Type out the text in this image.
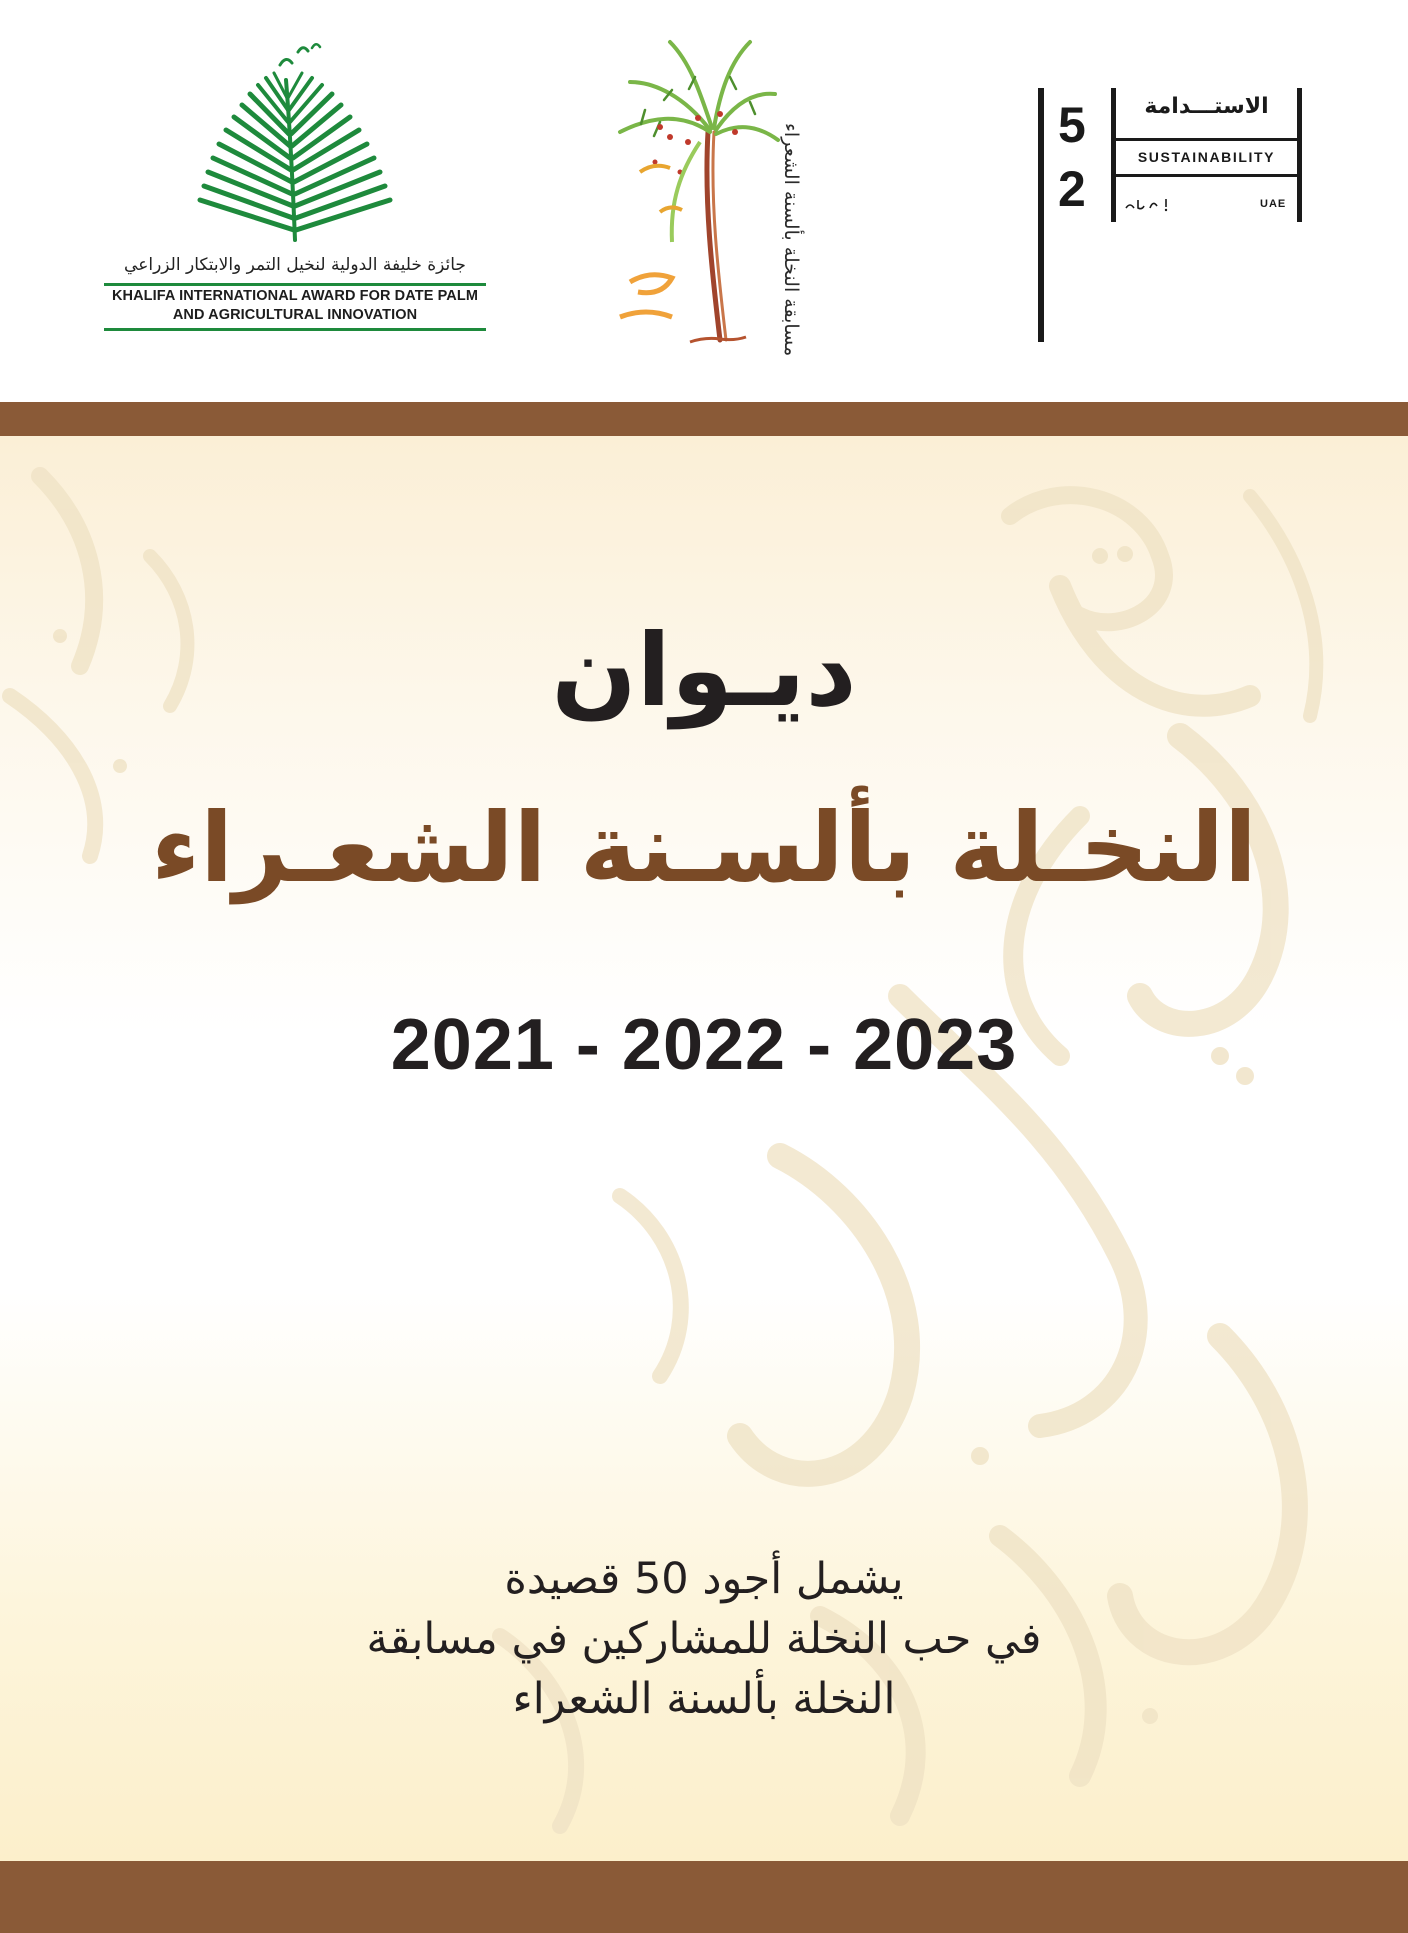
جائزة خليفة الدولية لنخيل التمر والابتكار الزراعي
KHALIFA INTERNATIONAL AWARD FOR DATE PALM
AND AGRICULTURAL INNOVATION	مسابقة النخلة بألسنة الشعراء	5
2
الاستـــدامة
SUSTAINABILITY
UAE
ديـوان
النخـلة بألسـنة الشعـراء
2021 - 2022 - 2023
يشمل أجود 50 قصيدة
في حب النخلة للمشاركين في مسابقة
النخلة بألسنة الشعراء
